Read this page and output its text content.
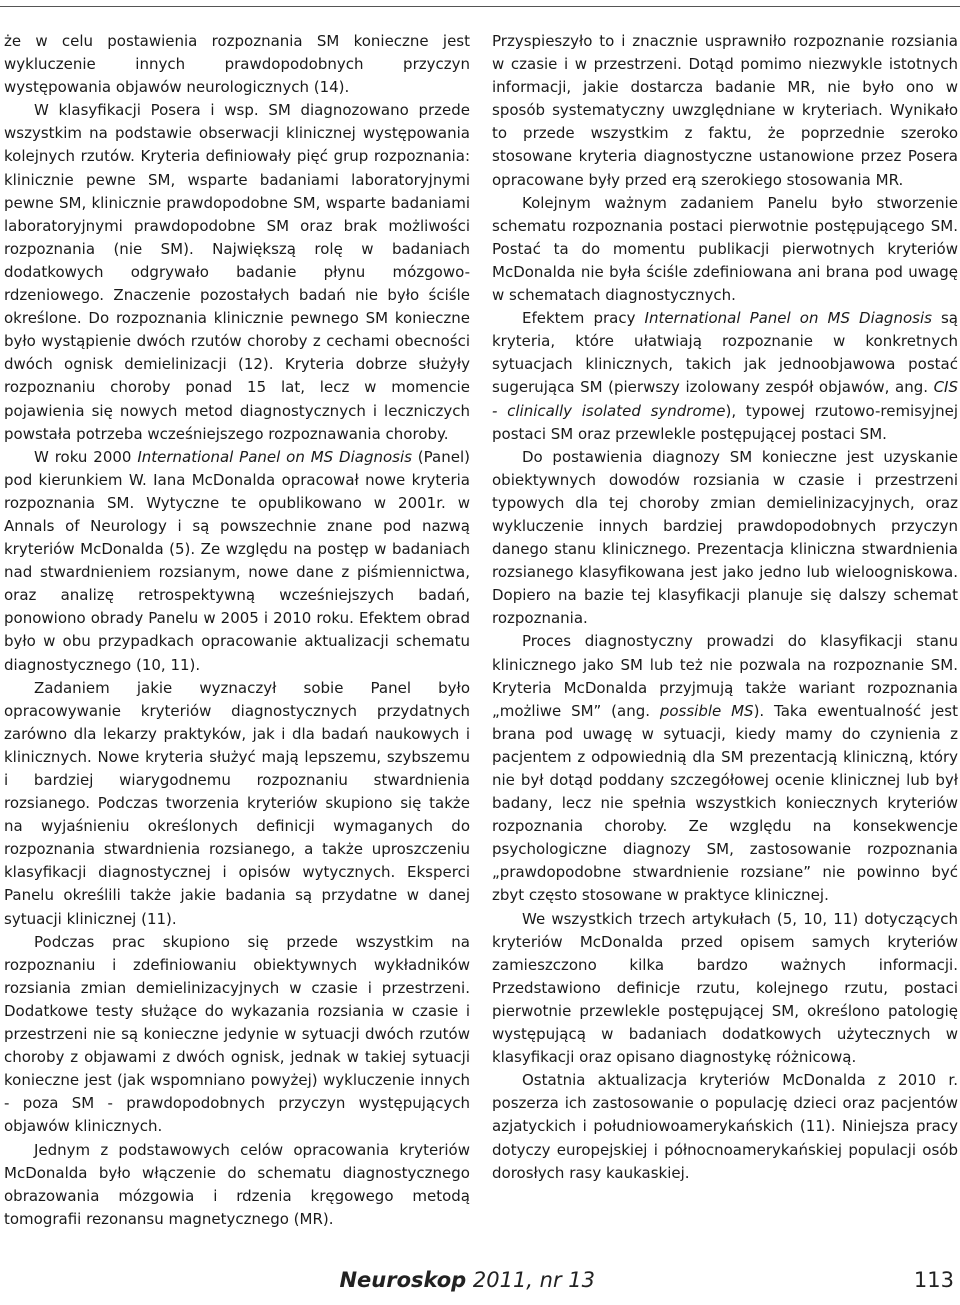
że w celu postawienia rozpoznania SM konieczne jest wykluczenie innych prawdopodobnych przyczyn występowania objawów neurologicznych (14).

W klasyfikacji Posera i wsp. SM diagnozowano przede wszystkim na podstawie obserwacji klinicznej występowania kolejnych rzutów. Kryteria definiowały pięć grup rozpoznania: klinicznie pewne SM, wsparte badaniami laboratoryjnymi pewne SM, klinicznie prawdopodobne SM, wsparte badaniami laboratoryjnymi prawdopodobne SM oraz brak możliwości rozpoznania (nie SM). Największą rolę w badaniach dodatkowych odgrywało badanie płynu mózgowo-rdzeniowego. Znaczenie pozostałych badań nie było ściśle określone. Do rozpoznania klinicznie pewnego SM konieczne było wystąpienie dwóch rzutów choroby z cechami obecności dwóch ognisk demielinizacji (12). Kryteria dobrze służyły rozpoznaniu choroby ponad 15 lat, lecz w momencie pojawienia się nowych metod diagnostycznych i leczniczych powstała potrzeba wcześniejszego rozpoznawania choroby.

W roku 2000 International Panel on MS Diagnosis (Panel) pod kierunkiem W. Iana McDonalda opracował nowe kryteria rozpoznania SM. Wytyczne te opublikowano w 2001r. w Annals of Neurology i są powszechnie znane pod nazwą kryteriów McDonalda (5). Ze względu na postęp w badaniach nad stwardnieniem rozsianym, nowe dane z piśmiennictwa, oraz analizę retrospektywną wcześniejszych badań, ponowiono obrady Panelu w 2005 i 2010 roku. Efektem obrad było w obu przypadkach opracowanie aktualizacji schematu diagnostycznego (10, 11).

Zadaniem jakie wyznaczył sobie Panel było opracowywanie kryteriów diagnostycznych przydatnych zarówno dla lekarzy praktyków, jak i dla badań naukowych i klinicznych. Nowe kryteria służyć mają lepszemu, szybszemu i bardziej wiarygodnemu rozpoznaniu stwardnienia rozsianego. Podczas tworzenia kryteriów skupiono się także na wyjaśnieniu określonych definicji wymaganych do rozpoznania stwardnienia rozsianego, a także uproszczeniu klasyfikacji diagnostycznej i opisów wytycznych. Eksperci Panelu określili także jakie badania są przydatne w danej sytuacji klinicznej (11).

Podczas prac skupiono się przede wszystkim na rozpoznaniu i zdefiniowaniu obiektywnych wykładników rozsiania zmian demielinizacyjnych w czasie i przestrzeni. Dodatkowe testy służące do wykazania rozsiania w czasie i przestrzeni nie są konieczne jedynie w sytuacji dwóch rzutów choroby z objawami z dwóch ognisk, jednak w takiej sytuacji konieczne jest (jak wspomniano powyżej) wykluczenie innych - poza SM - prawdopodobnych przyczyn występujących objawów klinicznych.

Jednym z podstawowych celów opracowania kryteriów McDonalda było włączenie do schematu diagnostycznego obrazowania mózgowia i rdzenia kręgowego metodą tomografii rezonansu magnetycznego (MR).

Przyspieszyło to i znacznie usprawniło rozpoznanie rozsiania w czasie i w przestrzeni. Dotąd pomimo niezwykle istotnych informacji, jakie dostarcza badanie MR, nie było ono w sposób systematyczny uwzględniane w kryteriach. Wynikało to przede wszystkim z faktu, że poprzednie szeroko stosowane kryteria diagnostyczne ustanowione przez Posera opracowane były przed erą szerokiego stosowania MR.

Kolejnym ważnym zadaniem Panelu było stworzenie schematu rozpoznania postaci pierwotnie postępującego SM. Postać ta do momentu publikacji pierwotnych kryteriów McDonalda nie była ściśle zdefiniowana ani brana pod uwagę w schematach diagnostycznych.

Efektem pracy International Panel on MS Diagnosis są kryteria, które ułatwiają rozpoznanie w konkretnych sytuacjach klinicznych, takich jak jednoobjawowa postać sugerująca SM (pierwszy izolowany zespół objawów, ang. CIS - clinically isolated syndrome), typowej rzutowo-remisyjnej postaci SM oraz przewlekle postępującej postaci SM.

Do postawienia diagnozy SM konieczne jest uzyskanie obiektywnych dowodów rozsiania w czasie i przestrzeni typowych dla tej choroby zmian demielinizacyjnych, oraz wykluczenie innych bardziej prawdopodobnych przyczyn danego stanu klinicznego. Prezentacja kliniczna stwardnienia rozsianego klasyfikowana jest jako jedno lub wieloogniskowa. Dopiero na bazie tej klasyfikacji planuje się dalszy schemat rozpoznania.

Proces diagnostyczny prowadzi do klasyfikacji stanu klinicznego jako SM lub też nie pozwala na rozpoznanie SM. Kryteria McDonalda przyjmują także wariant rozpoznania „możliwe SM” (ang. possible MS). Taka ewentualność jest brana pod uwagę w sytuacji, kiedy mamy do czynienia z pacjentem z odpowiednią dla SM prezentacją kliniczną, który nie był dotąd poddany szczegółowej ocenie klinicznej lub był badany, lecz nie spełnia wszystkich koniecznych kryteriów rozpoznania choroby. Ze względu na konsekwencje psychologiczne diagnozy SM, zastosowanie rozpoznania „prawdopodobne stwardnienie rozsiane” nie powinno być zbyt często stosowane w praktyce klinicznej.

We wszystkich trzech artykułach (5, 10, 11) dotyczących kryteriów McDonalda przed opisem samych kryteriów zamieszczono kilka bardzo ważnych informacji. Przedstawiono definicje rzutu, kolejnego rzutu, postaci pierwotnie przewlekle postępującej SM, określono patologię występującą w badaniach dodatkowych użytecznych w klasyfikacji oraz opisano diagnostykę różnicową.

Ostatnia aktualizacja kryteriów McDonalda z 2010 r. poszerza ich zastosowanie o populację dzieci oraz pacjentów azjatyckich i południowoamerykańskich (11). Niniejsza pracy dotyczy europejskiej i północnoamerykańskiej populacji osób dorosłych rasy kaukaskiej.

Neuroskop 2011, nr 13	113
